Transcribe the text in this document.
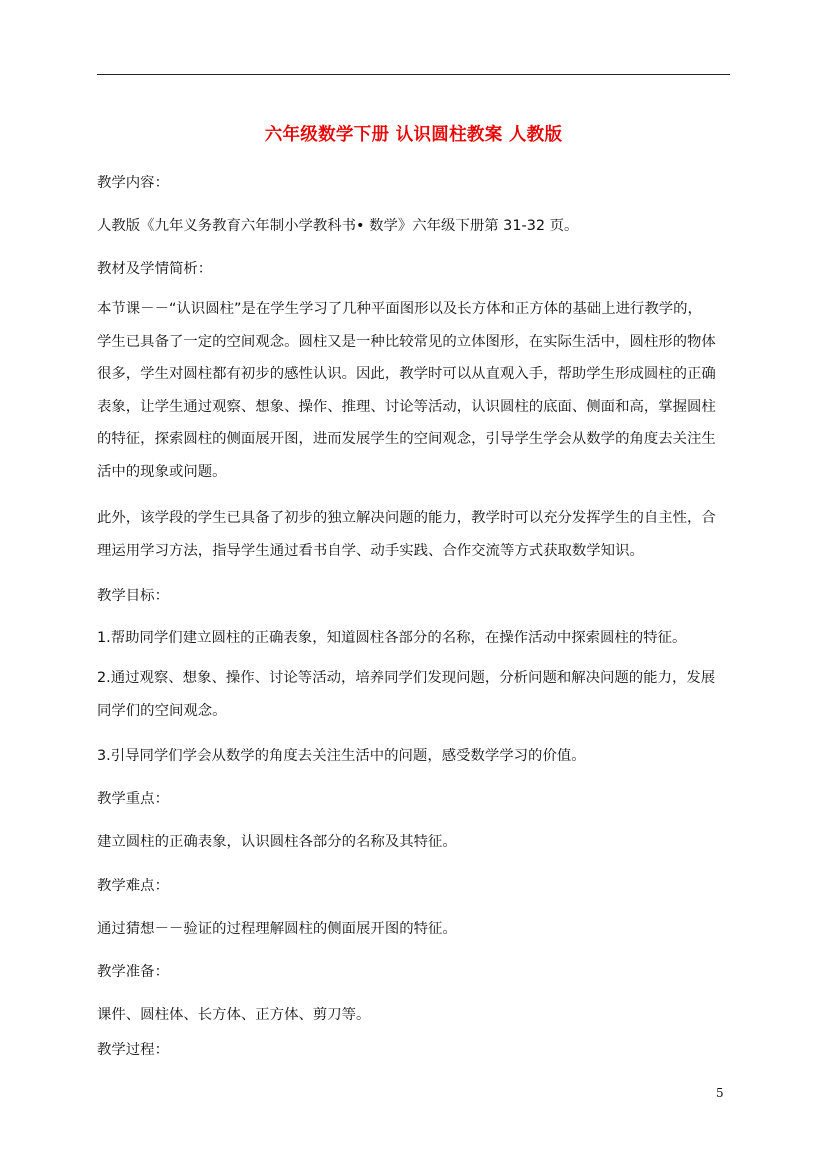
六年级数学下册 认识圆柱教案 人教版
教学内容：
人教版《九年义务教育六年制小学教科书• 数学》六年级下册第 31-32 页。
教材及学情简析：
本节课－－“认识圆柱”是在学生学习了几种平面图形以及长方体和正方体的基础上进行教学的，
学生已具备了一定的空间观念。圆柱又是一种比较常见的立体图形，在实际生活中，圆柱形的物体
很多，学生对圆柱都有初步的感性认识。因此，教学时可以从直观入手，帮助学生形成圆柱的正确
表象，让学生通过观察、想象、操作、推理、讨论等活动，认识圆柱的底面、侧面和高，掌握圆柱
的特征，探索圆柱的侧面展开图，进而发展学生的空间观念，引导学生学会从数学的角度去关注生
活中的现象或问题。
此外，该学段的学生已具备了初步的独立解决问题的能力，教学时可以充分发挥学生的自主性，合
理运用学习方法，指导学生通过看书自学、动手实践、合作交流等方式获取数学知识。
教学目标：
1.帮助同学们建立圆柱的正确表象，知道圆柱各部分的名称，在操作活动中探索圆柱的特征。
2.通过观察、想象、操作、讨论等活动，培养同学们发现问题，分析问题和解决问题的能力，发展
同学们的空间观念。
3.引导同学们学会从数学的角度去关注生活中的问题，感受数学学习的价值。
教学重点：
建立圆柱的正确表象，认识圆柱各部分的名称及其特征。
教学难点：
通过猜想－－验证的过程理解圆柱的侧面展开图的特征。
教学准备：
课件、圆柱体、长方体、正方体、剪刀等。
教学过程：
5
